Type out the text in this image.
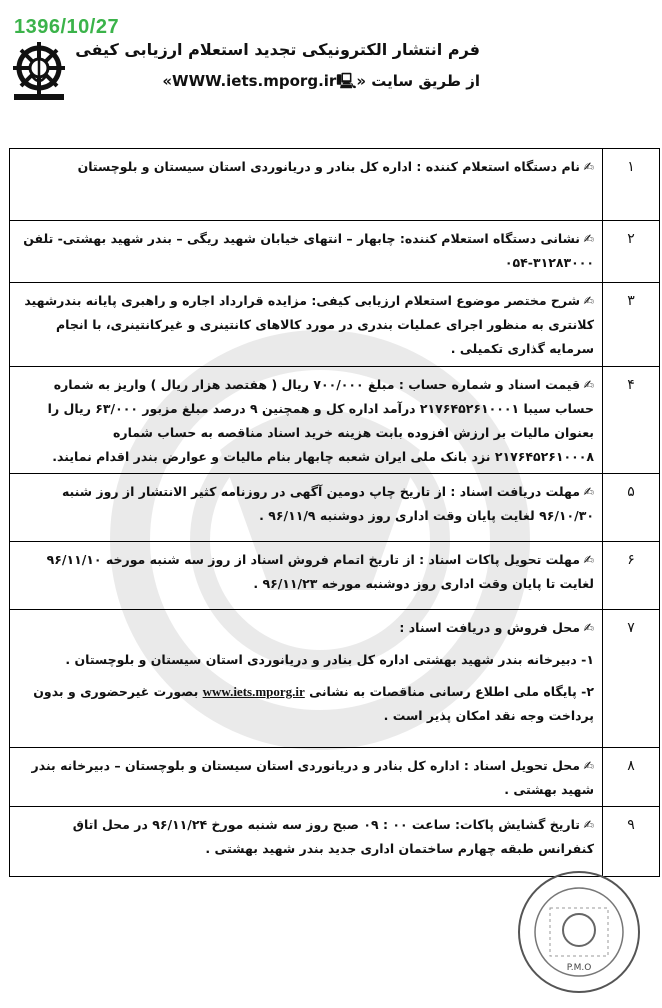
1396/10/27
فرم انتشار الکترونیکی تجدید استعلام ارزیابی کیفی
از طریق سایت «WWW.iets.mporg.ir🖳»
۱	✍نام دستگاه استعلام کننده : اداره کل بنادر و دریانوردی استان سیستان و بلوچستان
۲	✍نشانی دستگاه استعلام کننده: چابهار – انتهای خیابان شهید ریگی – بندر شهید بهشتی- تلفن ۳۱۲۸۳۰۰۰-۰۵۴
۳	✍شرح مختصر موضوع استعلام ارزیابی کیفی: مزایده قرارداد اجاره و راهبری پایانه بندرشهید کلانتری به منظور اجرای عملیات بندری در مورد کالاهای کانتینری و غیرکانتینری، با انجام سرمایه گذاری تکمیلی .
۴	✍قیمت اسناد و شماره حساب : مبلغ ۷۰۰/۰۰۰ ریال ( هفتصد هزار ریال ) واریز به شماره حساب سیبا ۲۱۷۶۴۵۲۶۱۰۰۰۱ درآمد اداره کل و همچنین ۹ درصد مبلغ مزبور ۶۳/۰۰۰ ریال را بعنوان مالیات بر ارزش افزوده بابت هزینه خرید اسناد مناقصه به حساب شماره ۲۱۷۶۴۵۲۶۱۰۰۰۸ نزد بانک ملی ایران شعبه چابهار بنام مالیات و عوارض بندر اقدام نمایند.
۵	✍مهلت دریافت اسناد : از تاریخ چاپ دومین آگهی در روزنامه کثیر الانتشار از روز شنبه ۹۶/۱۰/۳۰ لغایت پایان وقت اداری روز دوشنبه ۹۶/۱۱/۹ .
۶	✍مهلت تحویل پاکات اسناد : از تاریخ اتمام فروش اسناد از روز سه شنبه مورخه ۹۶/۱۱/۱۰ لغایت تا پایان وقت اداری روز دوشنبه مورخه ۹۶/۱۱/۲۳ .
۷	✍محل فروش و دریافت اسناد :
۱- دبیرخانه بندر شهید بهشتی اداره کل بنادر و دریانوردی استان سیستان و بلوچستان .
۲- پایگاه ملی اطلاع رسانی مناقصات به نشانی www.iets.mporg.ir بصورت غیرحضوری و بدون پرداخت وجه نقد امکان پذیر است .

۸	✍محل تحویل اسناد : اداره کل بنادر و دریانوردی استان سیستان و بلوچستان – دبیرخانه بندر شهید بهشتی .
۹	✍تاریخ گشایش پاکات: ساعت ۰۰ : ۰۹ صبح روز سه شنبه مورخ ۹۶/۱۱/۲۴ در محل اتاق کنفرانس طبقه چهارم ساختمان اداری جدید بندر شهید بهشتی .
P.M.O
